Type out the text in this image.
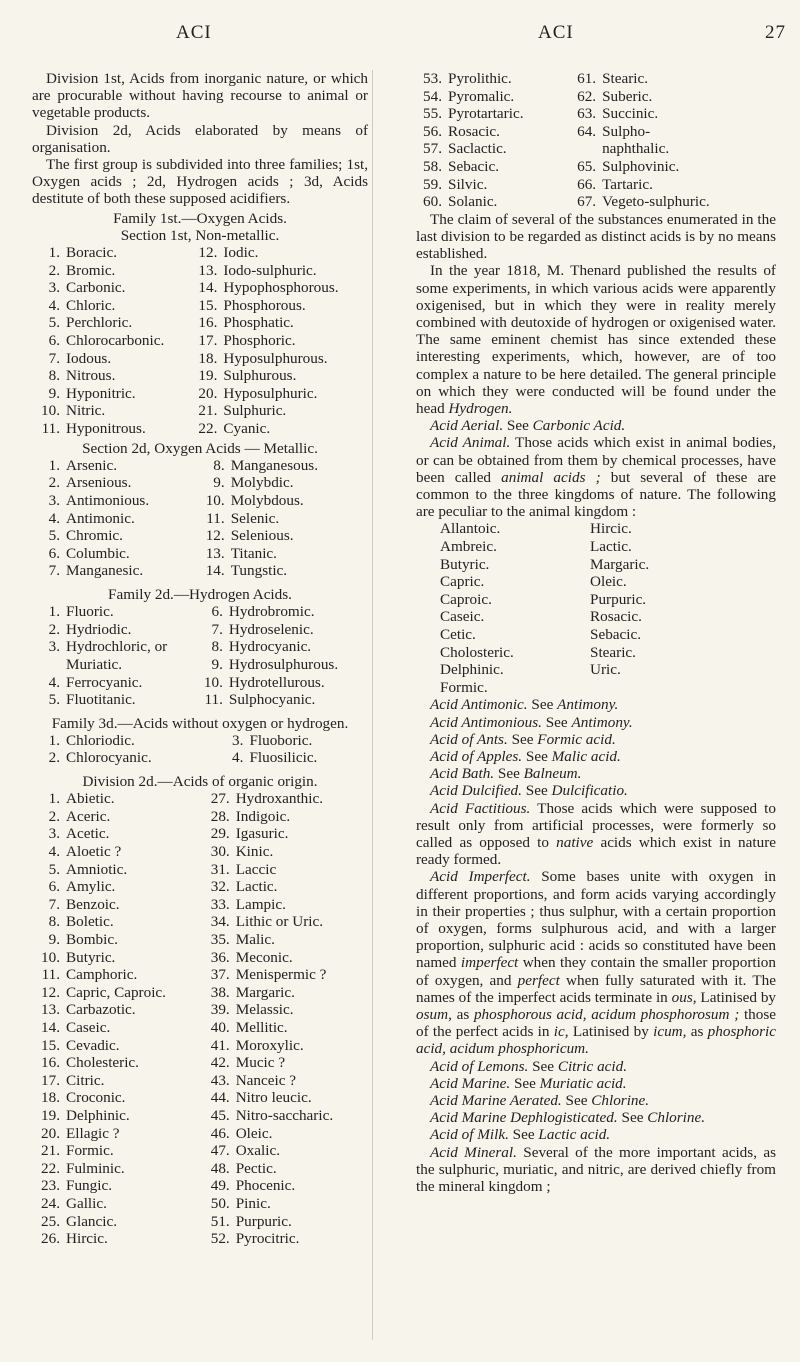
ACI	ACI	27

Division 1st, Acids from inorganic nature, or which are procurable without having recourse to animal or vegetable products.

Division 2d, Acids elaborated by means of organisation.

The first group is subdivided into three families; 1st, Oxygen acids ; 2d, Hydrogen acids ; 3d, Acids destitute of both these supposed acidifiers.

Family 1st.—Oxygen Acids.
Section 1st, Non-metallic.
1.	Boracic.	12.	Iodic.
2.	Bromic.	13.	Iodo-sulphuric.
3.	Carbonic.	14.	Hypophosphorous.
4.	Chloric.	15.	Phosphorous.
5.	Perchloric.	16.	Phosphatic.
6.	Chlorocarbonic.	17.	Phosphoric.
7.	Iodous.	18.	Hyposulphurous.
8.	Nitrous.	19.	Sulphurous.
9.	Hyponitric.	20.	Hyposulphuric.
10.	Nitric.	21.	Sulphuric.
11.	Hyponitrous.	22.	Cyanic.
Section 2d, Oxygen Acids — Metallic.
1.	Arsenic.	8.	Manganesous.
2.	Arsenious.	9.	Molybdic.
3.	Antimonious.	10.	Molybdous.
4.	Antimonic.	11.	Selenic.
5.	Chromic.	12.	Selenious.
6.	Columbic.	13.	Titanic.
7.	Manganesic.	14.	Tungstic.
Family 2d.—Hydrogen Acids.
1.	Fluoric.	6.	Hydrobromic.
2.	Hydriodic.	7.	Hydroselenic.
3.	Hydrochloric, or	8.	Hydrocyanic.
	Muriatic.	9.	Hydrosulphurous.
4.	Ferrocyanic.	10.	Hydrotellurous.
5.	Fluotitanic.	11.	Sulphocyanic.
Family 3d.—Acids without oxygen or hydrogen.
1.	Chloriodic.	3.	Fluoboric.
2.	Chlorocyanic.	4.	Fluosilicic.
Division 2d.—Acids of organic origin.
1.	Abietic.	27.	Hydroxanthic.
2.	Aceric.	28.	Indigoic.
3.	Acetic.	29.	Igasuric.
4.	Aloetic ?	30.	Kinic.
5.	Amniotic.	31.	Laccic
6.	Amylic.	32.	Lactic.
7.	Benzoic.	33.	Lampic.
8.	Boletic.	34.	Lithic or Uric.
9.	Bombic.	35.	Malic.
10.	Butyric.	36.	Meconic.
11.	Camphoric.	37.	Menispermic ?
12.	Capric, Caproic.	38.	Margaric.
13.	Carbazotic.	39.	Melassic.
14.	Caseic.	40.	Mellitic.
15.	Cevadic.	41.	Moroxylic.
16.	Cholesteric.	42.	Mucic ?
17.	Citric.	43.	Nanceic ?
18.	Croconic.	44.	Nitro leucic.
19.	Delphinic.	45.	Nitro-saccharic.
20.	Ellagic ?	46.	Oleic.
21.	Formic.	47.	Oxalic.
22.	Fulminic.	48.	Pectic.
23.	Fungic.	49.	Phocenic.
24.	Gallic.	50.	Pinic.
25.	Glancic.	51.	Purpuric.
26.	Hircic.	52.	Pyrocitric.
53.	Pyrolithic.	61.	Stearic.
54.	Pyromalic.	62.	Suberic.
55.	Pyrotartaric.	63.	Succinic.
56.	Rosacic.	64.	Sulpho-
57.	Saclactic.		naphthalic.
58.	Sebacic.	65.	Sulphovinic.
59.	Silvic.	66.	Tartaric.
60.	Solanic.	67.	Vegeto-sulphuric.

The claim of several of the substances enumerated in the last division to be regarded as distinct acids is by no means established.

In the year 1818, M. Thenard published the results of some experiments, in which various acids were apparently oxigenised, but in which they were in reality merely combined with deutoxide of hydrogen or oxigenised water. The same eminent chemist has since extended these interesting experiments, which, however, are of too complex a nature to be here detailed. The general principle on which they were conducted will be found under the head Hydrogen.

Acid Aerial. See Carbonic Acid.

Acid Animal. Those acids which exist in animal bodies, or can be obtained from them by chemical processes, have been called animal acids ; but several of these are common to the three kingdoms of nature. The following are peculiar to the animal kingdom :

Allantoic.	Hircic.
Ambreic.	Lactic.
Butyric.	Margaric.
Capric.	Oleic.
Caproic.	Purpuric.
Caseic.	Rosacic.
Cetic.	Sebacic.
Cholosteric.	Stearic.
Delphinic.	Uric.
Formic.	

Acid Antimonic. See Antimony.

Acid Antimonious. See Antimony.

Acid of Ants. See Formic acid.

Acid of Apples. See Malic acid.

Acid Bath. See Balneum.

Acid Dulcified. See Dulcificatio.

Acid Factitious. Those acids which were supposed to result only from artificial processes, were formerly so called as opposed to native acids which exist in nature ready formed.

Acid Imperfect. Some bases unite with oxygen in different proportions, and form acids varying accordingly in their properties ; thus sulphur, with a certain proportion of oxygen, forms sulphurous acid, and with a larger proportion, sulphuric acid : acids so constituted have been named imperfect when they contain the smaller proportion of oxygen, and perfect when fully saturated with it. The names of the imperfect acids terminate in ous, Latinised by osum, as phosphorous acid, acidum phosphorosum ; those of the perfect acids in ic, Latinised by icum, as phosphoric acid, acidum phosphoricum.

Acid of Lemons. See Citric acid.

Acid Marine. See Muriatic acid.

Acid Marine Aerated. See Chlorine.

Acid Marine Dephlogisticated. See Chlorine.

Acid of Milk. See Lactic acid.

Acid Mineral. Several of the more important acids, as the sulphuric, muriatic, and nitric, are derived chiefly from the mineral kingdom ;
